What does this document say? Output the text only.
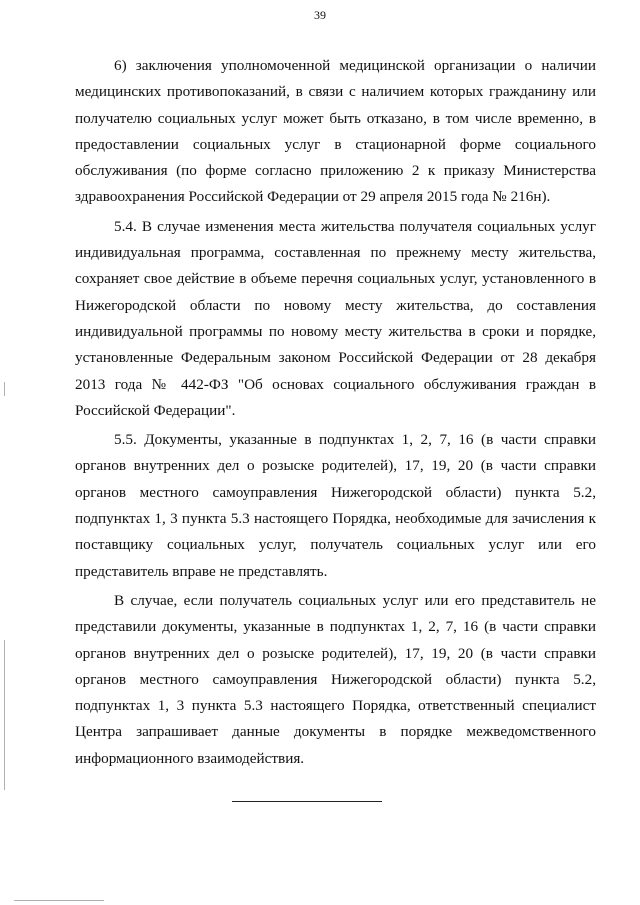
39

6) заключения уполномоченной медицинской организации о наличии медицинских противопоказаний, в связи с наличием которых гражданину или получателю социальных услуг может быть отказано, в том числе временно, в предоставлении социальных услуг в стационарной форме социального обслуживания (по форме согласно приложению 2 к приказу Министерства здравоохранения Российской Федерации от 29 апреля 2015 года № 216н).

5.4. В случае изменения места жительства получателя социальных услуг индивидуальная программа, составленная по прежнему месту жительства, сохраняет свое действие в объеме перечня социальных услуг, установленного в Нижегородской области по новому месту жительства, до составления индивидуальной программы по новому месту жительства в сроки и порядке, установленные Федеральным законом Российской Федерации от 28 декабря 2013 года № 442-ФЗ "Об основах социального обслуживания граждан в Российской Федерации".

5.5. Документы, указанные в подпунктах 1, 2, 7, 16 (в части справки органов внутренних дел о розыске родителей), 17, 19, 20 (в части справки органов местного самоуправления Нижегородской области) пункта 5.2, подпунктах 1, 3 пункта 5.3 настоящего Порядка, необходимые для зачисления к поставщику социальных услуг, получатель социальных услуг или его представитель вправе не представлять.

В случае, если получатель социальных услуг или его представитель не представили документы, указанные в подпунктах 1, 2, 7, 16 (в части справки органов внутренних дел о розыске родителей), 17, 19, 20 (в части справки органов местного самоуправления Нижегородской области) пункта 5.2, подпунктах 1, 3 пункта 5.3 настоящего Порядка, ответственный специалист Центра запрашивает данные документы в порядке межведомственного информационного взаимодействия.
